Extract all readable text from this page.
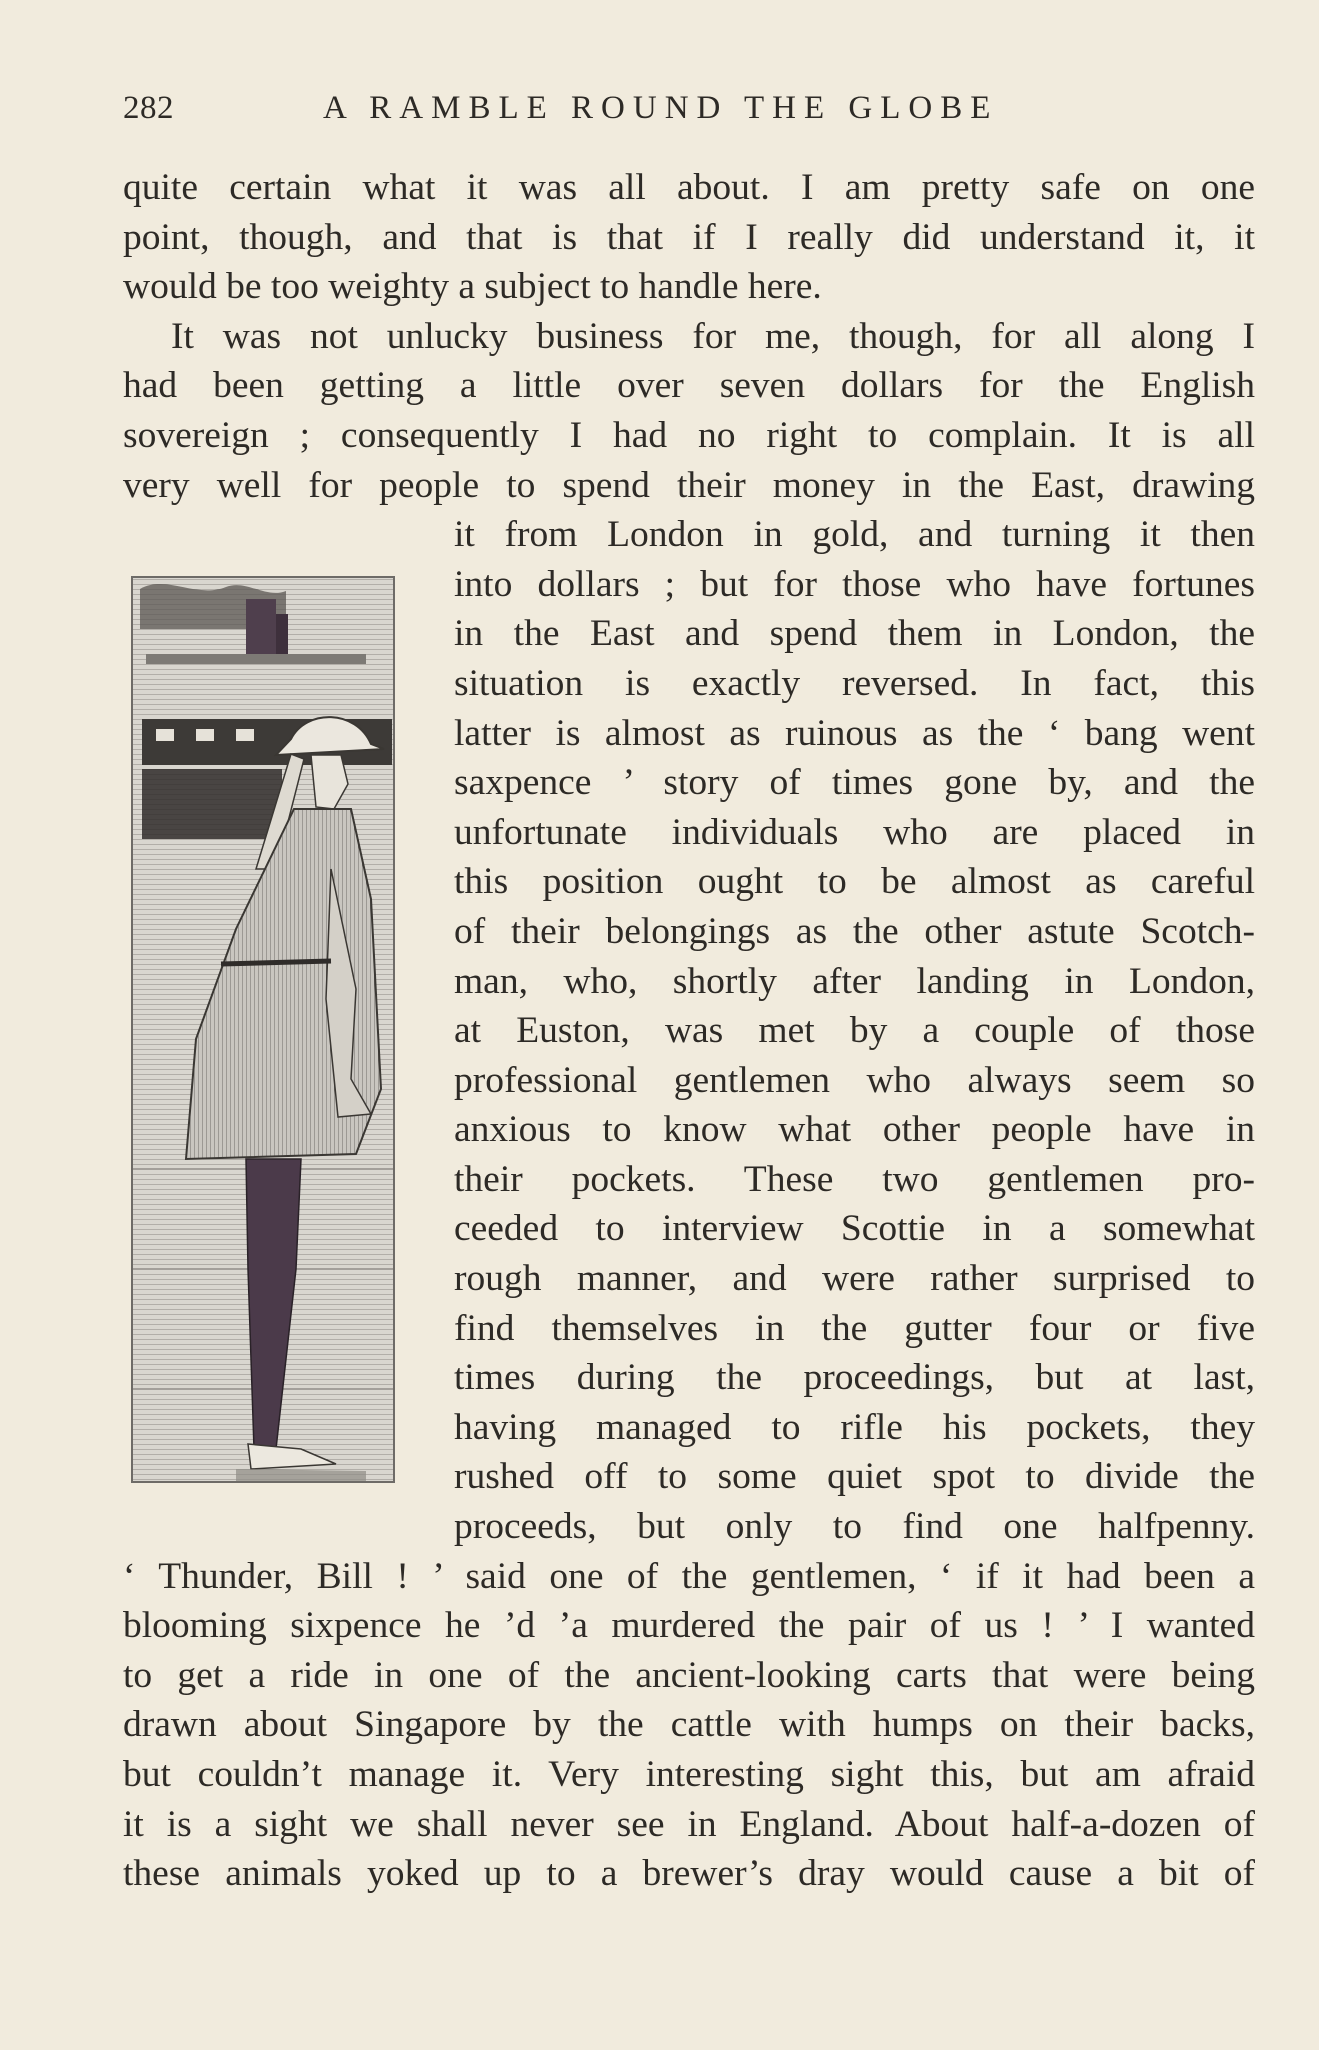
282	A RAMBLE ROUND THE GLOBE
quite certain what it was all about. I am pretty safe on one
point, though, and that is that if I really did understand it, it
would be too weighty a subject to handle here.
It was not unlucky business for me, though, for all along I
had been getting a little over seven dollars for the English
sovereign ; consequently I had no right to complain. It is all
very well for people to spend their money in the East, drawing
it from London in gold, and turning it then
into dollars ; but for those who have fortunes
in the East and spend them in London, the
situation is exactly reversed. In fact, this
latter is almost as ruinous as the ‘ bang went
saxpence ’ story of times gone by, and the
unfortunate individuals who are placed in
this position ought to be almost as careful
of their belongings as the other astute Scotch-
man, who, shortly after landing in London,
at Euston, was met by a couple of those
professional gentlemen who always seem so
anxious to know what other people have in
their pockets. These two gentlemen pro-
ceeded to interview Scottie in a somewhat
rough manner, and were rather surprised to
find themselves in the gutter four or five
times during the proceedings, but at last,
having managed to rifle his pockets, they
rushed off to some quiet spot to divide the
proceeds, but only to find one halfpenny.
‘ Thunder, Bill ! ’ said one of the gentlemen, ‘ if it had been a
blooming sixpence he ’d ’a murdered the pair of us ! ’ I wanted
to get a ride in one of the ancient-looking carts that were being
drawn about Singapore by the cattle with humps on their backs,
but couldn’t manage it. Very interesting sight this, but am afraid
it is a sight we shall never see in England. About half-a-dozen of
these animals yoked up to a brewer’s dray would cause a bit of
